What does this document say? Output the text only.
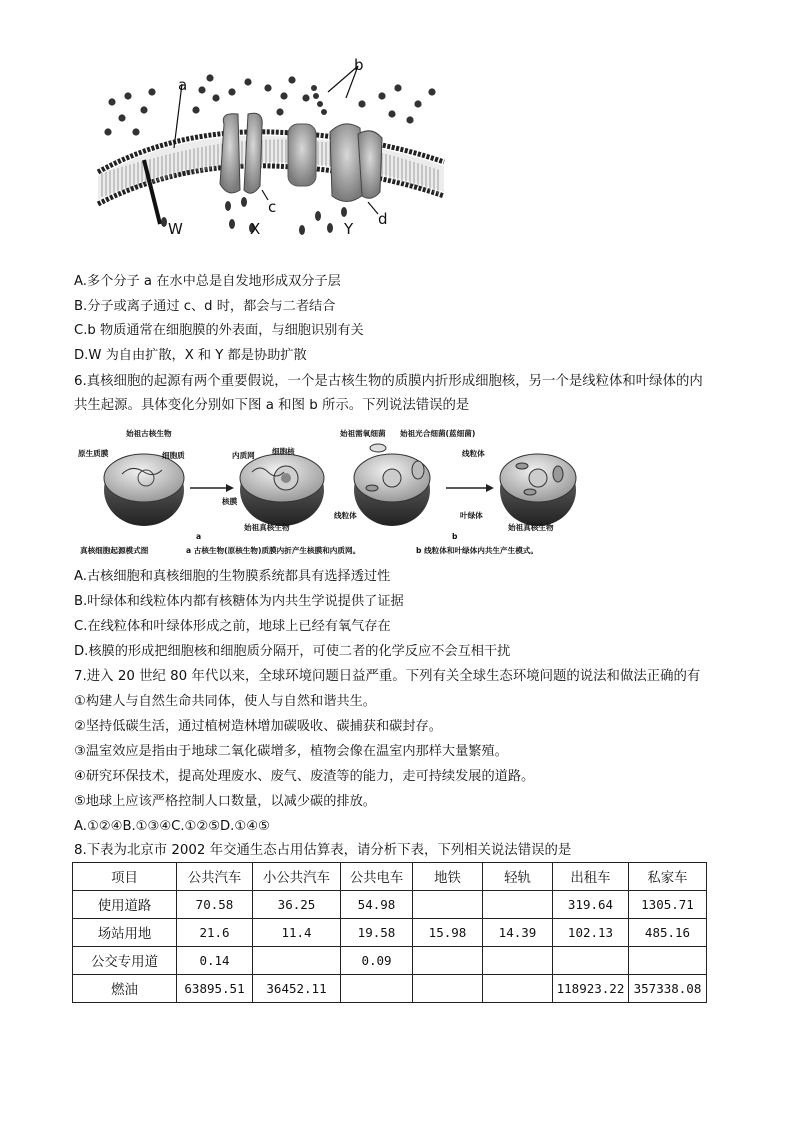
a
b
c
d
W	X	Y
A.多个分子 a 在水中总是自发地形成双分子层
B.分子或离子通过 c、d 时，都会与二者结合
C.b 物质通常在细胞膜的外表面，与细胞识别有关
D.W 为自由扩散，X 和 Y 都是协助扩散
6.真核细胞的起源有两个重要假说，一个是古核生物的质膜内折形成细胞核，另一个是线粒体和叶绿体的内
共生起源。具体变化分别如下图 a 和图 b 所示。下列说法错误的是
始祖古核生物
原生质膜	细胞质	内质网 细胞核
核膜
始祖真核生物
a
始祖需氧细菌 始祖光合细菌(蓝细菌)
线粒体
线粒体	叶绿体
始祖真核生物
b
真核细胞起源模式图	a 古核生物(原核生物)质膜内折产生核膜和内质网。	b 线粒体和叶绿体内共生产生模式。
A.古核细胞和真核细胞的生物膜系统都具有选择透过性
B.叶绿体和线粒体内都有核糖体为内共生学说提供了证据
C.在线粒体和叶绿体形成之前，地球上已经有氧气存在
D.核膜的形成把细胞核和细胞质分隔开，可使二者的化学反应不会互相干扰
7.进入 20 世纪 80 年代以来，全球环境问题日益严重。下列有关全球生态环境问题的说法和做法正确的有
①构建人与自然生命共同体，使人与自然和谐共生。
②坚持低碳生活，通过植树造林增加碳吸收、碳捕获和碳封存。
③温室效应是指由于地球二氧化碳增多，植物会像在温室内那样大量繁殖。
④研究环保技术，提高处理废水、废气、废渣等的能力，走可持续发展的道路。
⑤地球上应该严格控制人口数量，以减少碳的排放。
A.①②④B.①③④C.①②⑤D.①④⑤
8.下表为北京市 2002 年交通生态占用估算表，请分析下表，下列相关说法错误的是
项目	公共汽车	小公共汽车	公共电车	地铁	轻轨	出租车	私家车
使用道路	70.58	36.25	54.98			319.64	1305.71
场站用地	21.6	11.4	19.58	15.98	14.39	102.13	485.16
公交专用道	0.14		0.09				
燃油	63895.51	36452.11				118923.22	357338.08
